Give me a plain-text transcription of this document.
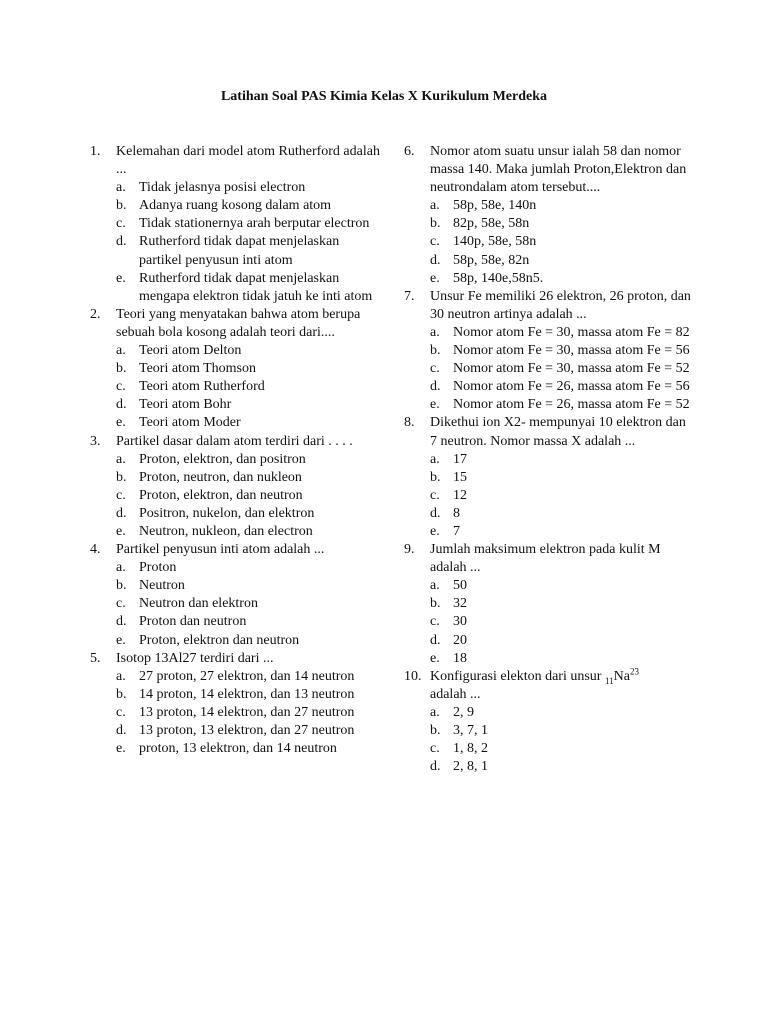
Latihan Soal PAS Kimia Kelas X Kurikulum Merdeka
1.	Kelemahan dari model atom Rutherford adalah ...
a. Tidak jelasnya posisi electron
b. Adanya ruang kosong dalam atom
c. Tidak stationernya arah berputar electron
d. Rutherford tidak dapat menjelaskan partikel penyusun inti atom
e. Rutherford tidak dapat menjelaskan mengapa elektron tidak jatuh ke inti atom
2.	Teori yang menyatakan bahwa atom berupa sebuah bola kosong adalah teori dari....
a. Teori atom Delton
b. Teori atom Thomson
c. Teori atom Rutherford
d. Teori atom Bohr
e. Teori atom Moder
3.	Partikel dasar dalam atom terdiri dari . . . .
a. Proton, elektron, dan positron
b. Proton, neutron, dan nukleon
c. Proton, elektron, dan neutron
d. Positron, nukelon, dan elektron
e. Neutron, nukleon, dan electron
4.	Partikel penyusun inti atom adalah ...
a. Proton
b. Neutron
c. Neutron dan elektron
d. Proton dan neutron
e. Proton, elektron dan neutron
5.	Isotop 13Al27 terdiri dari ...
a. 27 proton, 27 elektron, dan 14 neutron
b. 14 proton, 14 elektron, dan 13 neutron
c. 13 proton, 14 elektron, dan 27 neutron
d. 13 proton, 13 elektron, dan 27 neutron
e. proton, 13 elektron, dan 14 neutron
6.	Nomor atom suatu unsur ialah 58 dan nomor massa 140. Maka jumlah Proton,Elektron dan neutrondalam atom tersebut....
a. 58p, 58e, 140n
b. 82p, 58e, 58n
c. 140p, 58e, 58n
d. 58p, 58e, 82n
e. 58p, 140e,58n5.
7.	Unsur Fe memiliki 26 elektron, 26 proton, dan 30 neutron artinya adalah ...
a. Nomor atom Fe = 30, massa atom Fe = 82
b. Nomor atom Fe = 30, massa atom Fe = 56
c. Nomor atom Fe = 30, massa atom Fe = 52
d. Nomor atom Fe = 26, massa atom Fe = 56
e. Nomor atom Fe = 26, massa atom Fe = 52
8.	Dikethui ion X2- mempunyai 10 elektron dan 7 neutron. Nomor massa X adalah ...
a. 17
b. 15
c. 12
d. 8
e. 7
9.	Jumlah maksimum elektron pada kulit M adalah ...
a. 50
b. 32
c. 30
d. 20
e. 18
10. Konfigurasi elekton dari unsur $_{11}Na^{23}$
adalah ...
a. 2, 9
b. 3, 7, 1
c. 1, 8, 2
d. 2, 8, 1
